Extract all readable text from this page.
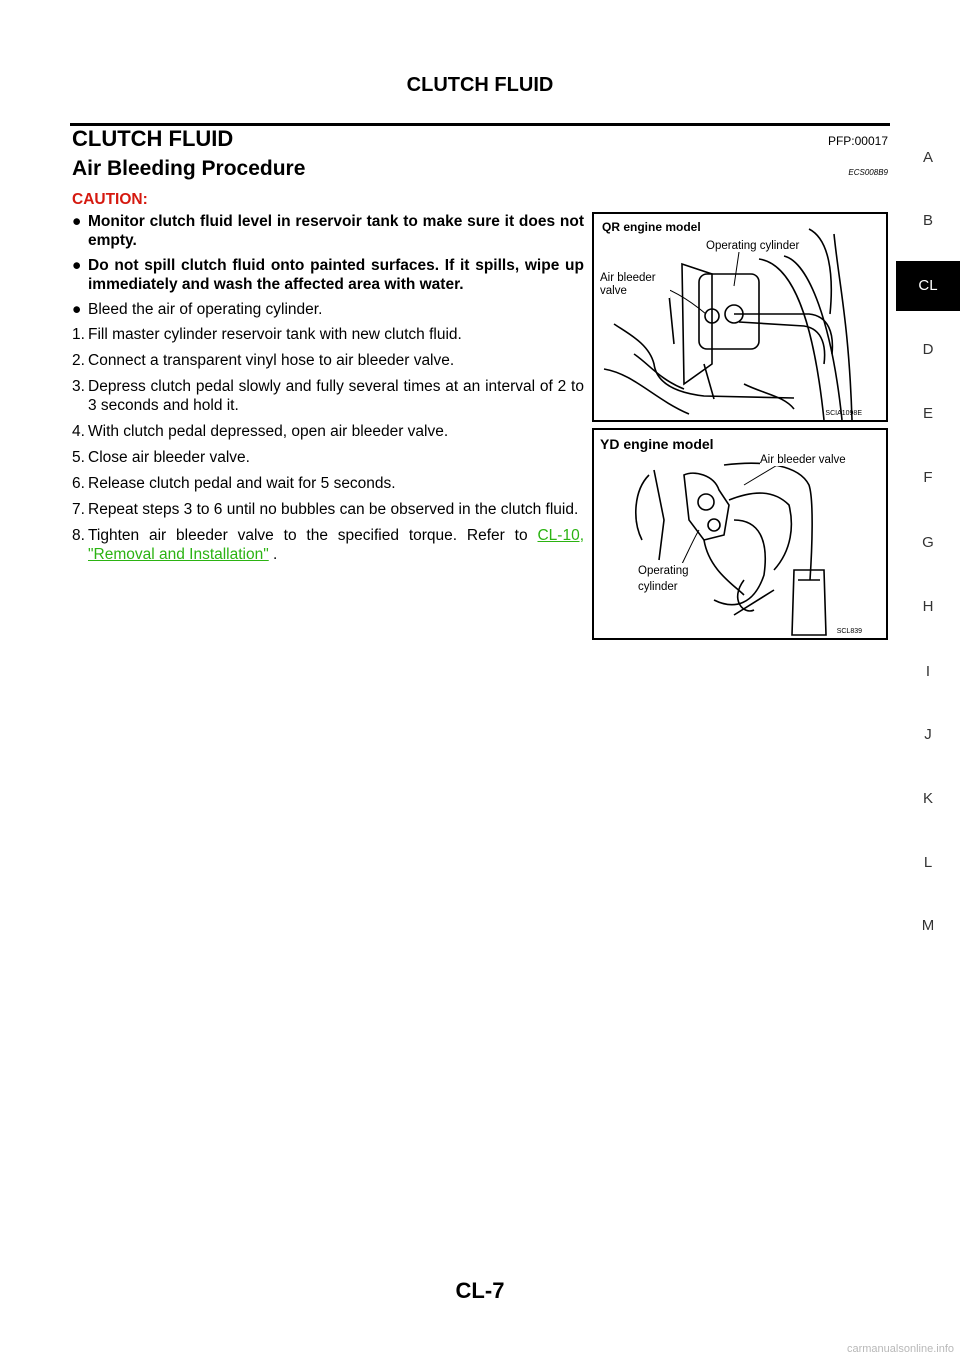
CLUTCH FLUID
CLUTCH FLUID	PFP:00017
Air Bleeding Procedure	ECS008B9
CAUTION:
● Monitor clutch fluid level in reservoir tank to make sure it does not empty.
● Do not spill clutch fluid onto painted surfaces. If it spills, wipe up immediately and wash the affected area with water.
● Bleed the air of operating cylinder.
1. Fill master cylinder reservoir tank with new clutch fluid.
2. Connect a transparent vinyl hose to air bleeder valve.
3. Depress clutch pedal slowly and fully several times at an interval of 2 to 3 seconds and hold it.
4. With clutch pedal depressed, open air bleeder valve.
5. Close air bleeder valve.
6. Release clutch pedal and wait for 5 seconds.
7. Repeat steps 3 to 6 until no bubbles can be observed in the clutch fluid.
8. Tighten air bleeder valve to the specified torque. Refer to CL-10, "Removal and Installation" .
QR engine model
Operating cylinder
Air bleeder valve
SCIA1098E
YD engine model
Air bleeder valve
Operating cylinder
SCL839
A
B
CL
D
E
F
G
H
I
J
K
L
M
CL-7
carmanualsonline.info
